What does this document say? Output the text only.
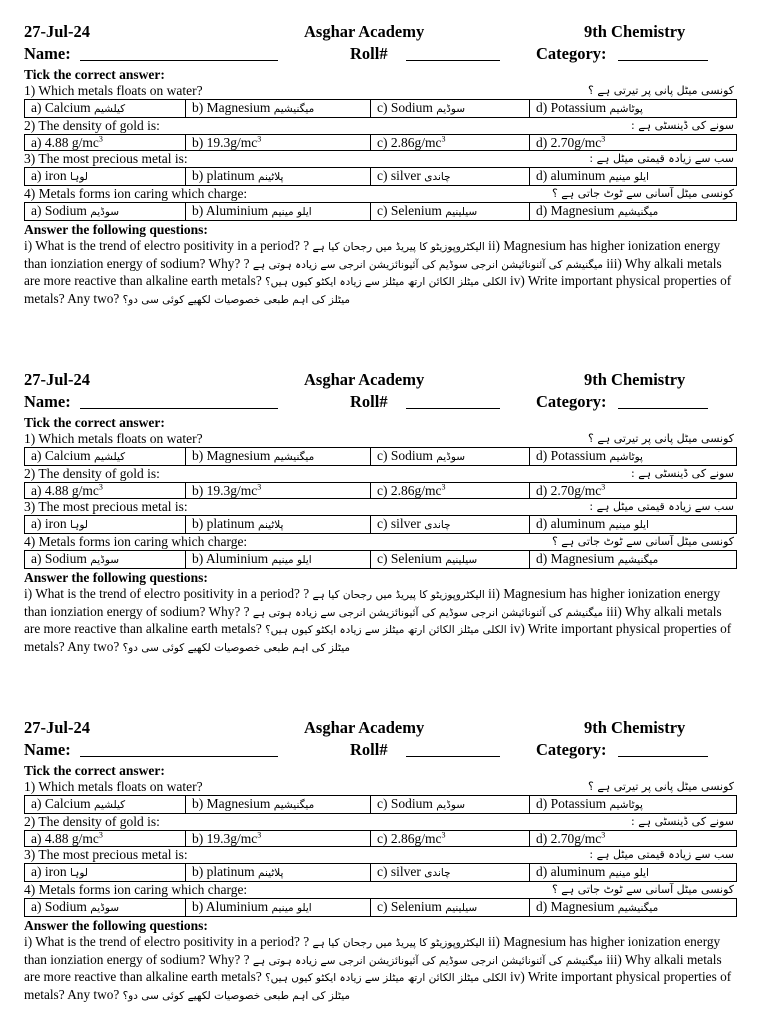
27-Jul-24	Asghar Academy	9th Chemistry
Name:	Roll#	Category:
Tick the correct answer:
1) Which metals floats on water?	کونسی میٹل پانی پر تیرتی ہے ؟
a) Calcium کیلشیم	b) Magnesium میگنیشیم	c) Sodium سوڈیم	d) Potassium پوٹاشیم
2) The density of gold is:	سونے کی ڈینسٹی ہے :
a) 4.88 $g/mc^3$	b) $19.3g/mc^3$	c) $2.86g/mc^3$	d) $2.70g/mc^3$
3) The most precious metal is:	سب سے زیادہ قیمتی میٹل ہے :
a) iron لوہا	b) platinum پلاٹینم	c) silver چاندی	d) aluminum ایلو مینیم
4) Metals forms ion caring which charge:	کونسی میٹل آسانی سے ٹوٹ جاتی ہے ؟
a) Sodium سوڈیم	b) Aluminium ایلو مینیم	c) Selenium سیلینیم	d) Magnesium میگنیشیم
Answer the following questions:
i) What is the trend of electro positivity in a period? ? الیکٹروپوزیٹو کا پیریڈ میں رجحان کیا ہے ii) Magnesium has higher ionization energy than ionziation energy of sodium? Why? ? میگنیشم کی آئنونائیشن انرجی سوڈیم کی آئیونائزیشن انرجی سے زیادہ ہوتی ہے iii) Why alkali metals are more reactive than alkaline earth metals? الکلی میٹلز الکائن ارتھ میٹلز سے زیادہ ایکٹو کیوں ہیں؟ iv) Write important physical properties of metals? Any two? میٹلز کی اہم طبعی خصوصیات لکھیے کوئی سی دو؟
27-Jul-24	Asghar Academy	9th Chemistry
Name:	Roll#	Category:
Tick the correct answer:
1) Which metals floats on water?	کونسی میٹل پانی پر تیرتی ہے ؟
a) Calcium کیلشیم	b) Magnesium میگنیشیم	c) Sodium سوڈیم	d) Potassium پوٹاشیم
2) The density of gold is:	سونے کی ڈینسٹی ہے :
a) 4.88 $g/mc^3$	b) $19.3g/mc^3$	c) $2.86g/mc^3$	d) $2.70g/mc^3$
3) The most precious metal is:	سب سے زیادہ قیمتی میٹل ہے :
a) iron لوہا	b) platinum پلاٹینم	c) silver چاندی	d) aluminum ایلو مینیم
4) Metals forms ion caring which charge:	کونسی میٹل آسانی سے ٹوٹ جاتی ہے ؟
a) Sodium سوڈیم	b) Aluminium ایلو مینیم	c) Selenium سیلینیم	d) Magnesium میگنیشیم
Answer the following questions:
i) What is the trend of electro positivity in a period? ? الیکٹروپوزیٹو کا پیریڈ میں رجحان کیا ہے ii) Magnesium has higher ionization energy than ionziation energy of sodium? Why? ? میگنیشم کی آئنونائیشن انرجی سوڈیم کی آئیونائزیشن انرجی سے زیادہ ہوتی ہے iii) Why alkali metals are more reactive than alkaline earth metals? الکلی میٹلز الکائن ارتھ میٹلز سے زیادہ ایکٹو کیوں ہیں؟ iv) Write important physical properties of metals? Any two? میٹلز کی اہم طبعی خصوصیات لکھیے کوئی سی دو؟
27-Jul-24	Asghar Academy	9th Chemistry
Name:	Roll#	Category:
Tick the correct answer:
1) Which metals floats on water?	کونسی میٹل پانی پر تیرتی ہے ؟
a) Calcium کیلشیم	b) Magnesium میگنیشیم	c) Sodium سوڈیم	d) Potassium پوٹاشیم
2) The density of gold is:	سونے کی ڈینسٹی ہے :
a) 4.88 $g/mc^3$	b) $19.3g/mc^3$	c) $2.86g/mc^3$	d) $2.70g/mc^3$
3) The most precious metal is:	سب سے زیادہ قیمتی میٹل ہے :
a) iron لوہا	b) platinum پلاٹینم	c) silver چاندی	d) aluminum ایلو مینیم
4) Metals forms ion caring which charge:	کونسی میٹل آسانی سے ٹوٹ جاتی ہے ؟
a) Sodium سوڈیم	b) Aluminium ایلو مینیم	c) Selenium سیلینیم	d) Magnesium میگنیشیم
Answer the following questions:
i) What is the trend of electro positivity in a period? ? الیکٹروپوزیٹو کا پیریڈ میں رجحان کیا ہے ii) Magnesium has higher ionization energy than ionziation energy of sodium? Why? ? میگنیشم کی آئنونائیشن انرجی سوڈیم کی آئیونائزیشن انرجی سے زیادہ ہوتی ہے iii) Why alkali metals are more reactive than alkaline earth metals? الکلی میٹلز الکائن ارتھ میٹلز سے زیادہ ایکٹو کیوں ہیں؟ iv) Write important physical properties of metals? Any two? میٹلز کی اہم طبعی خصوصیات لکھیے کوئی سی دو؟
